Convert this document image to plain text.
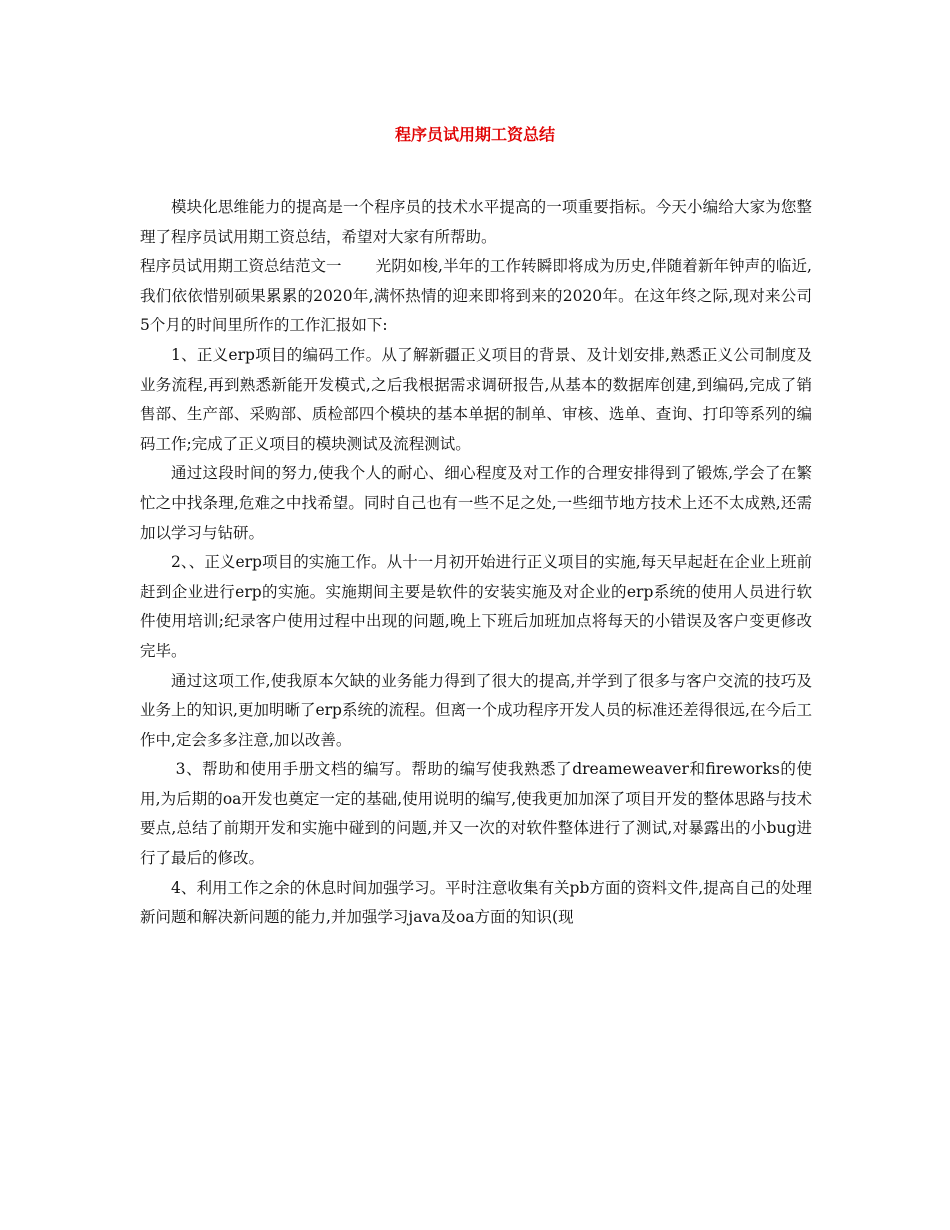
程序员试用期工资总结

模块化思维能力的提高是一个程序员的技术水平提高的一项重要指标。今天小编给大家为您整理了程序员试用期工资总结，希望对大家有所帮助。

程序员试用期工资总结范文一 光阴如梭,半年的工作转瞬即将成为历史,伴随着新年钟声的临近,我们依依惜别硕果累累的2020年,满怀热情的迎来即将到来的2020年。在这年终之际,现对来公司5个月的时间里所作的工作汇报如下:

1、正义erp项目的编码工作。从了解新疆正义项目的背景、及计划安排,熟悉正义公司制度及业务流程,再到熟悉新能开发模式,之后我根据需求调研报告,从基本的数据库创建,到编码,完成了销售部、生产部、采购部、质检部四个模块的基本单据的制单、审核、选单、查询、打印等系列的编码工作;完成了正义项目的模块测试及流程测试。

通过这段时间的努力,使我个人的耐心、细心程度及对工作的合理安排得到了锻炼,学会了在繁忙之中找条理,危难之中找希望。同时自己也有一些不足之处,一些细节地方技术上还不太成熟,还需加以学习与钻研。

2、、正义erp项目的实施工作。从十一月初开始进行正义项目的实施,每天早起赶在企业上班前赶到企业进行erp的实施。实施期间主要是软件的安装实施及对企业的erp系统的使用人员进行软件使用培训;纪录客户使用过程中出现的问题,晚上下班后加班加点将每天的小错误及客户变更修改完毕。

通过这项工作,使我原本欠缺的业务能力得到了很大的提高,并学到了很多与客户交流的技巧及业务上的知识,更加明晰了erp系统的流程。但离一个成功程序开发人员的标准还差得很远,在今后工作中,定会多多注意,加以改善。

3、帮助和使用手册文档的编写。帮助的编写使我熟悉了dreameweaver和fireworks的使用,为后期的oa开发也奠定一定的基础,使用说明的编写,使我更加加深了项目开发的整体思路与技术要点,总结了前期开发和实施中碰到的问题,并又一次的对软件整体进行了测试,对暴露出的小bug进行了最后的修改。

4、利用工作之余的休息时间加强学习。平时注意收集有关pb方面的资料文件,提高自己的处理新问题和解决新问题的能力,并加强学习java及oa方面的知识(现
